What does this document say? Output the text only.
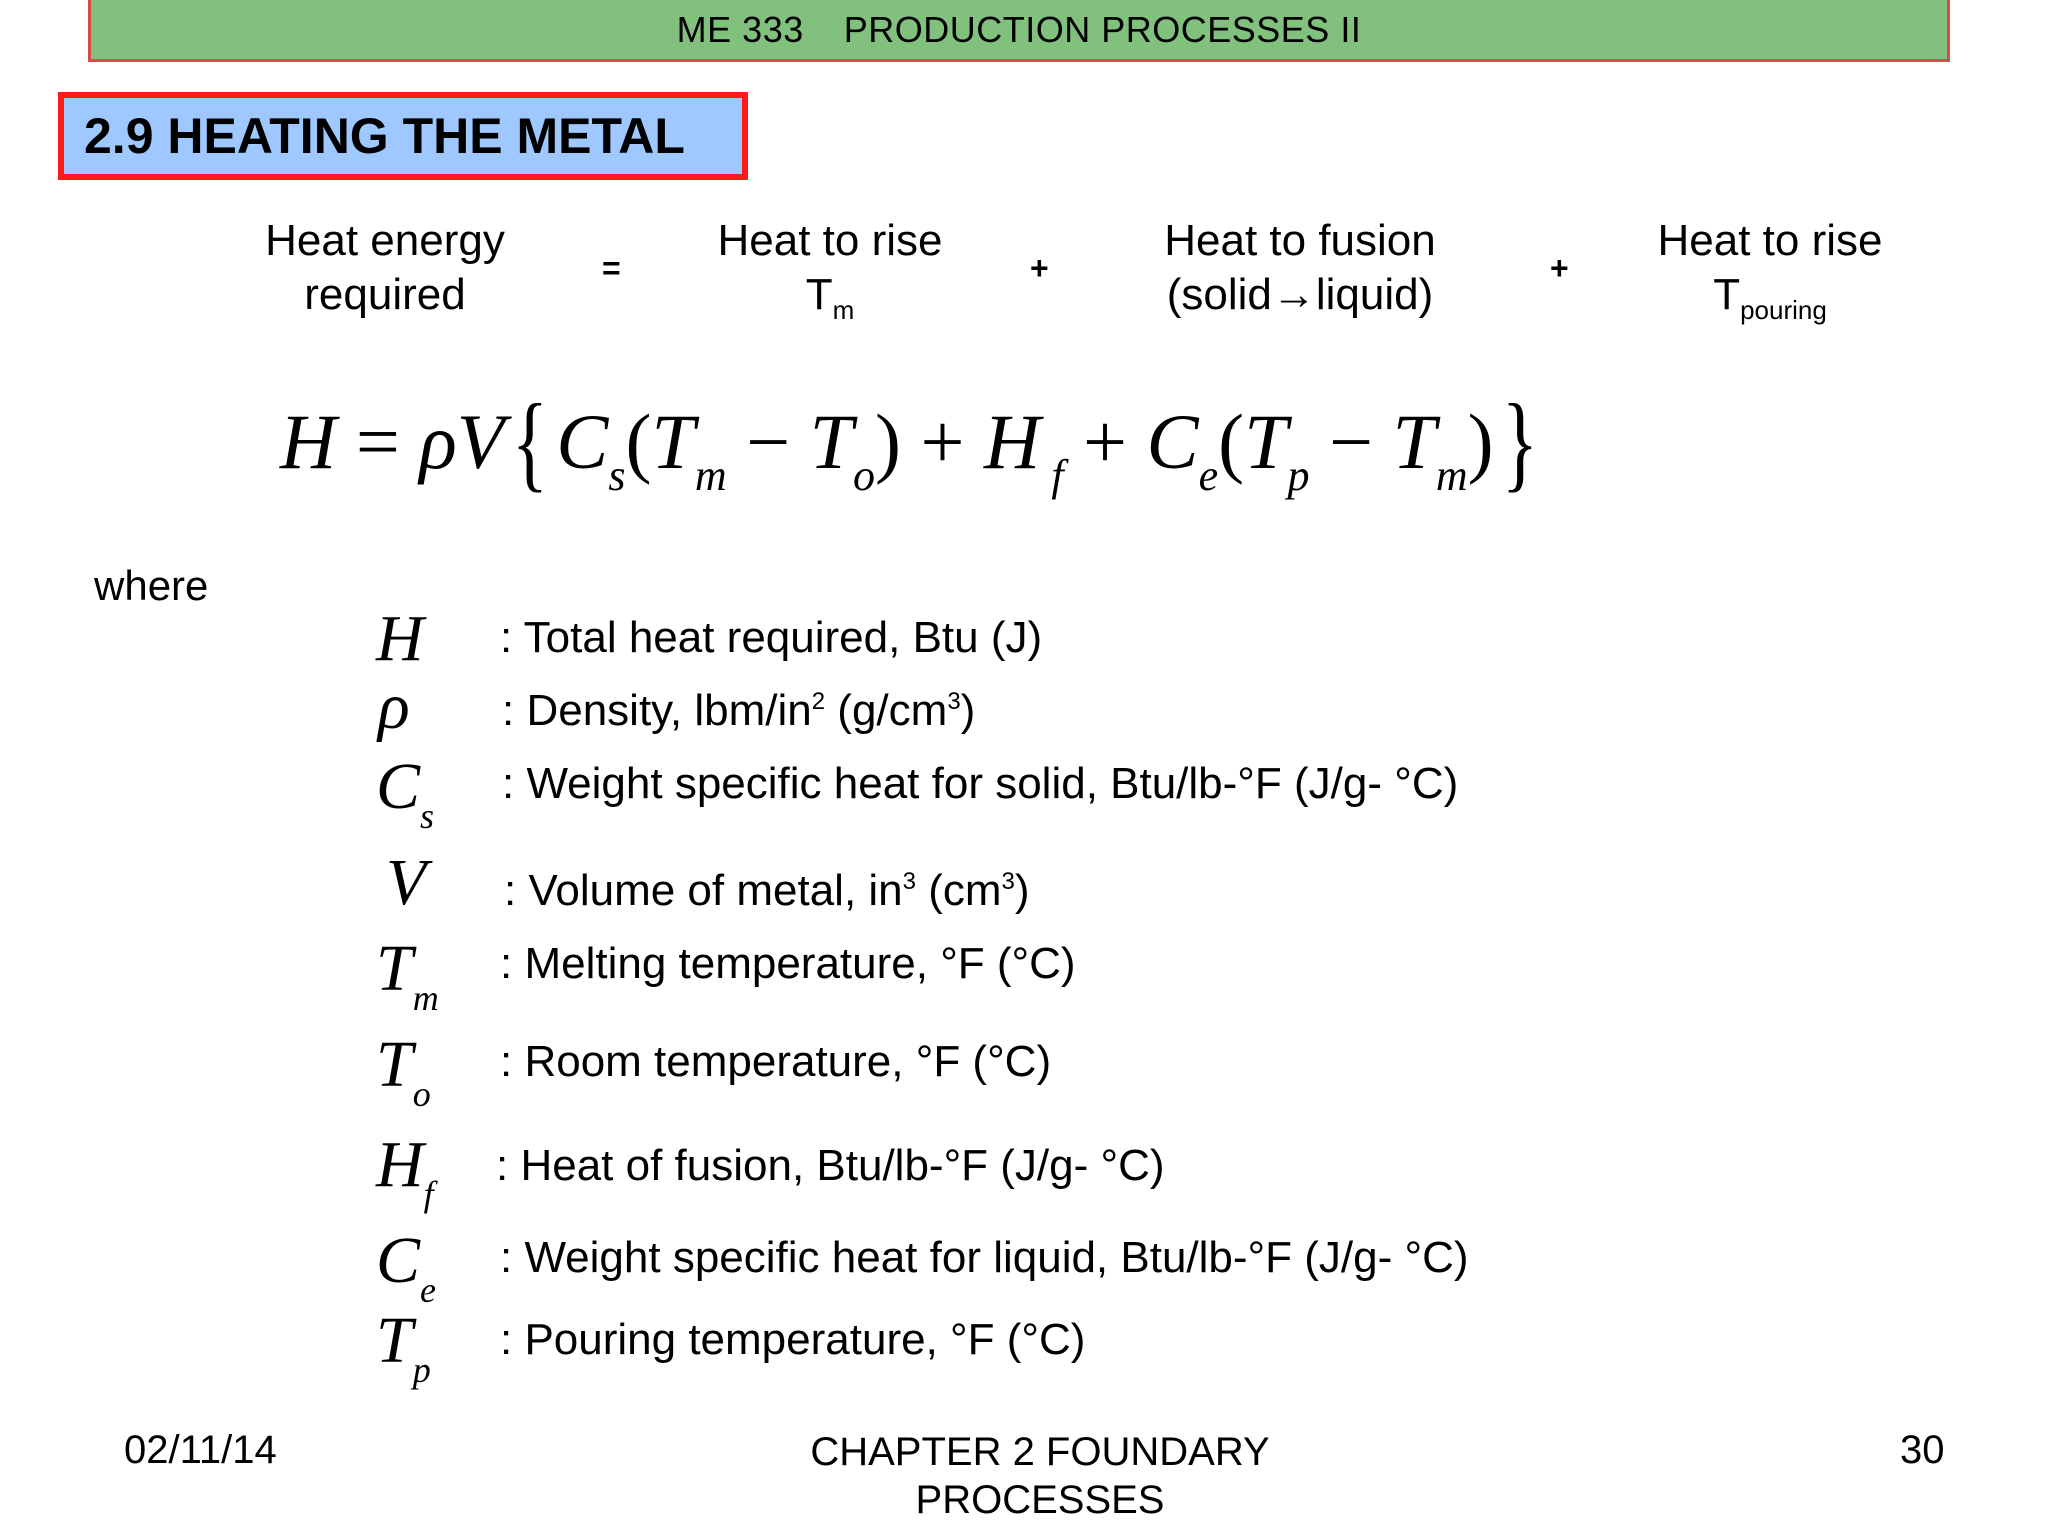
ME 333 PRODUCTION PROCESSES II
2.9 HEATING THE METAL
Heat energy
required
=
Heat to rise
$T_m$
+
Heat to fusion
(solid→liquid)
+
Heat to rise
$T_{pouring}$
$H = \rho V\{C_s(T_m - T_o) + H$ $_f + C_e(T_p - T_m)$}
where
H : Total heat required, Btu (J)
ρ : Density, lbm/$in^2$ $(g/cm^3)$
$C_s$
: Weight specific heat for solid, Btu/lb-°F (J/g- °C)
V : Volume of metal, $in^3$ $(cm^3)$
$T_m$
: Melting temperature, °F (°C)
$T_o$
: Room temperature, °F (°C)
$H_f$
: Heat of fusion, Btu/lb-°F (J/g- °C)
$C_e$
: Weight specific heat for liquid, Btu/lb-°F (J/g- °C)
$T_p$
: Pouring temperature, °F (°C)
02/11/14	CHAPTER 2 FOUNDARY
PROCESSES
30
